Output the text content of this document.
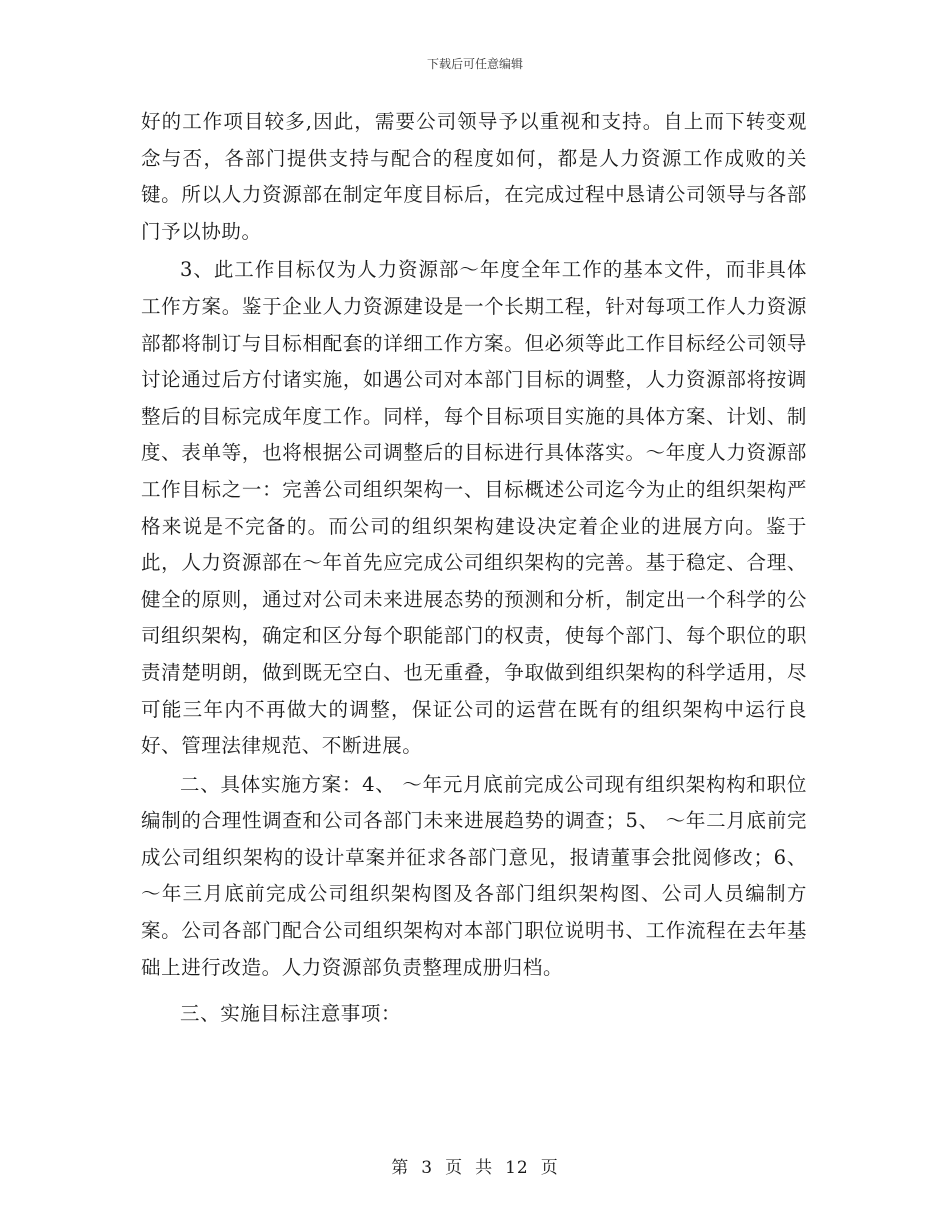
下载后可任意编辑

好的工作项目较多,因此，需要公司领导予以重视和支持。自上而下转变观念与否，各部门提供支持与配合的程度如何，都是人力资源工作成败的关键。所以人力资源部在制定年度目标后，在完成过程中恳请公司领导与各部门予以协助。

3、此工作目标仅为人力资源部～年度全年工作的基本文件，而非具体工作方案。鉴于企业人力资源建设是一个长期工程，针对每项工作人力资源部都将制订与目标相配套的详细工作方案。但必须等此工作目标经公司领导讨论通过后方付诸实施，如遇公司对本部门目标的调整，人力资源部将按调整后的目标完成年度工作。同样，每个目标项目实施的具体方案、计划、制度、表单等，也将根据公司调整后的目标进行具体落实。～年度人力资源部工作目标之一：完善公司组织架构一、目标概述公司迄今为止的组织架构严格来说是不完备的。而公司的组织架构建设决定着企业的进展方向。鉴于此，人力资源部在～年首先应完成公司组织架构的完善。基于稳定、合理、健全的原则，通过对公司未来进展态势的预测和分析，制定出一个科学的公司组织架构，确定和区分每个职能部门的权责，使每个部门、每个职位的职责清楚明朗，做到既无空白、也无重叠，争取做到组织架构的科学适用，尽可能三年内不再做大的调整，保证公司的运营在既有的组织架构中运行良好、管理法律规范、不断进展。

二、具体实施方案：4、 ～年元月底前完成公司现有组织架构构和职位编制的合理性调查和公司各部门未来进展趋势的调查；5、 ～年二月底前完成公司组织架构的设计草案并征求各部门意见，报请董事会批阅修改；6、 ～年三月底前完成公司组织架构图及各部门组织架构图、公司人员编制方案。公司各部门配合公司组织架构对本部门职位说明书、工作流程在去年基础上进行改造。人力资源部负责整理成册归档。

三、实施目标注意事项：

第 3 页 共 12 页
